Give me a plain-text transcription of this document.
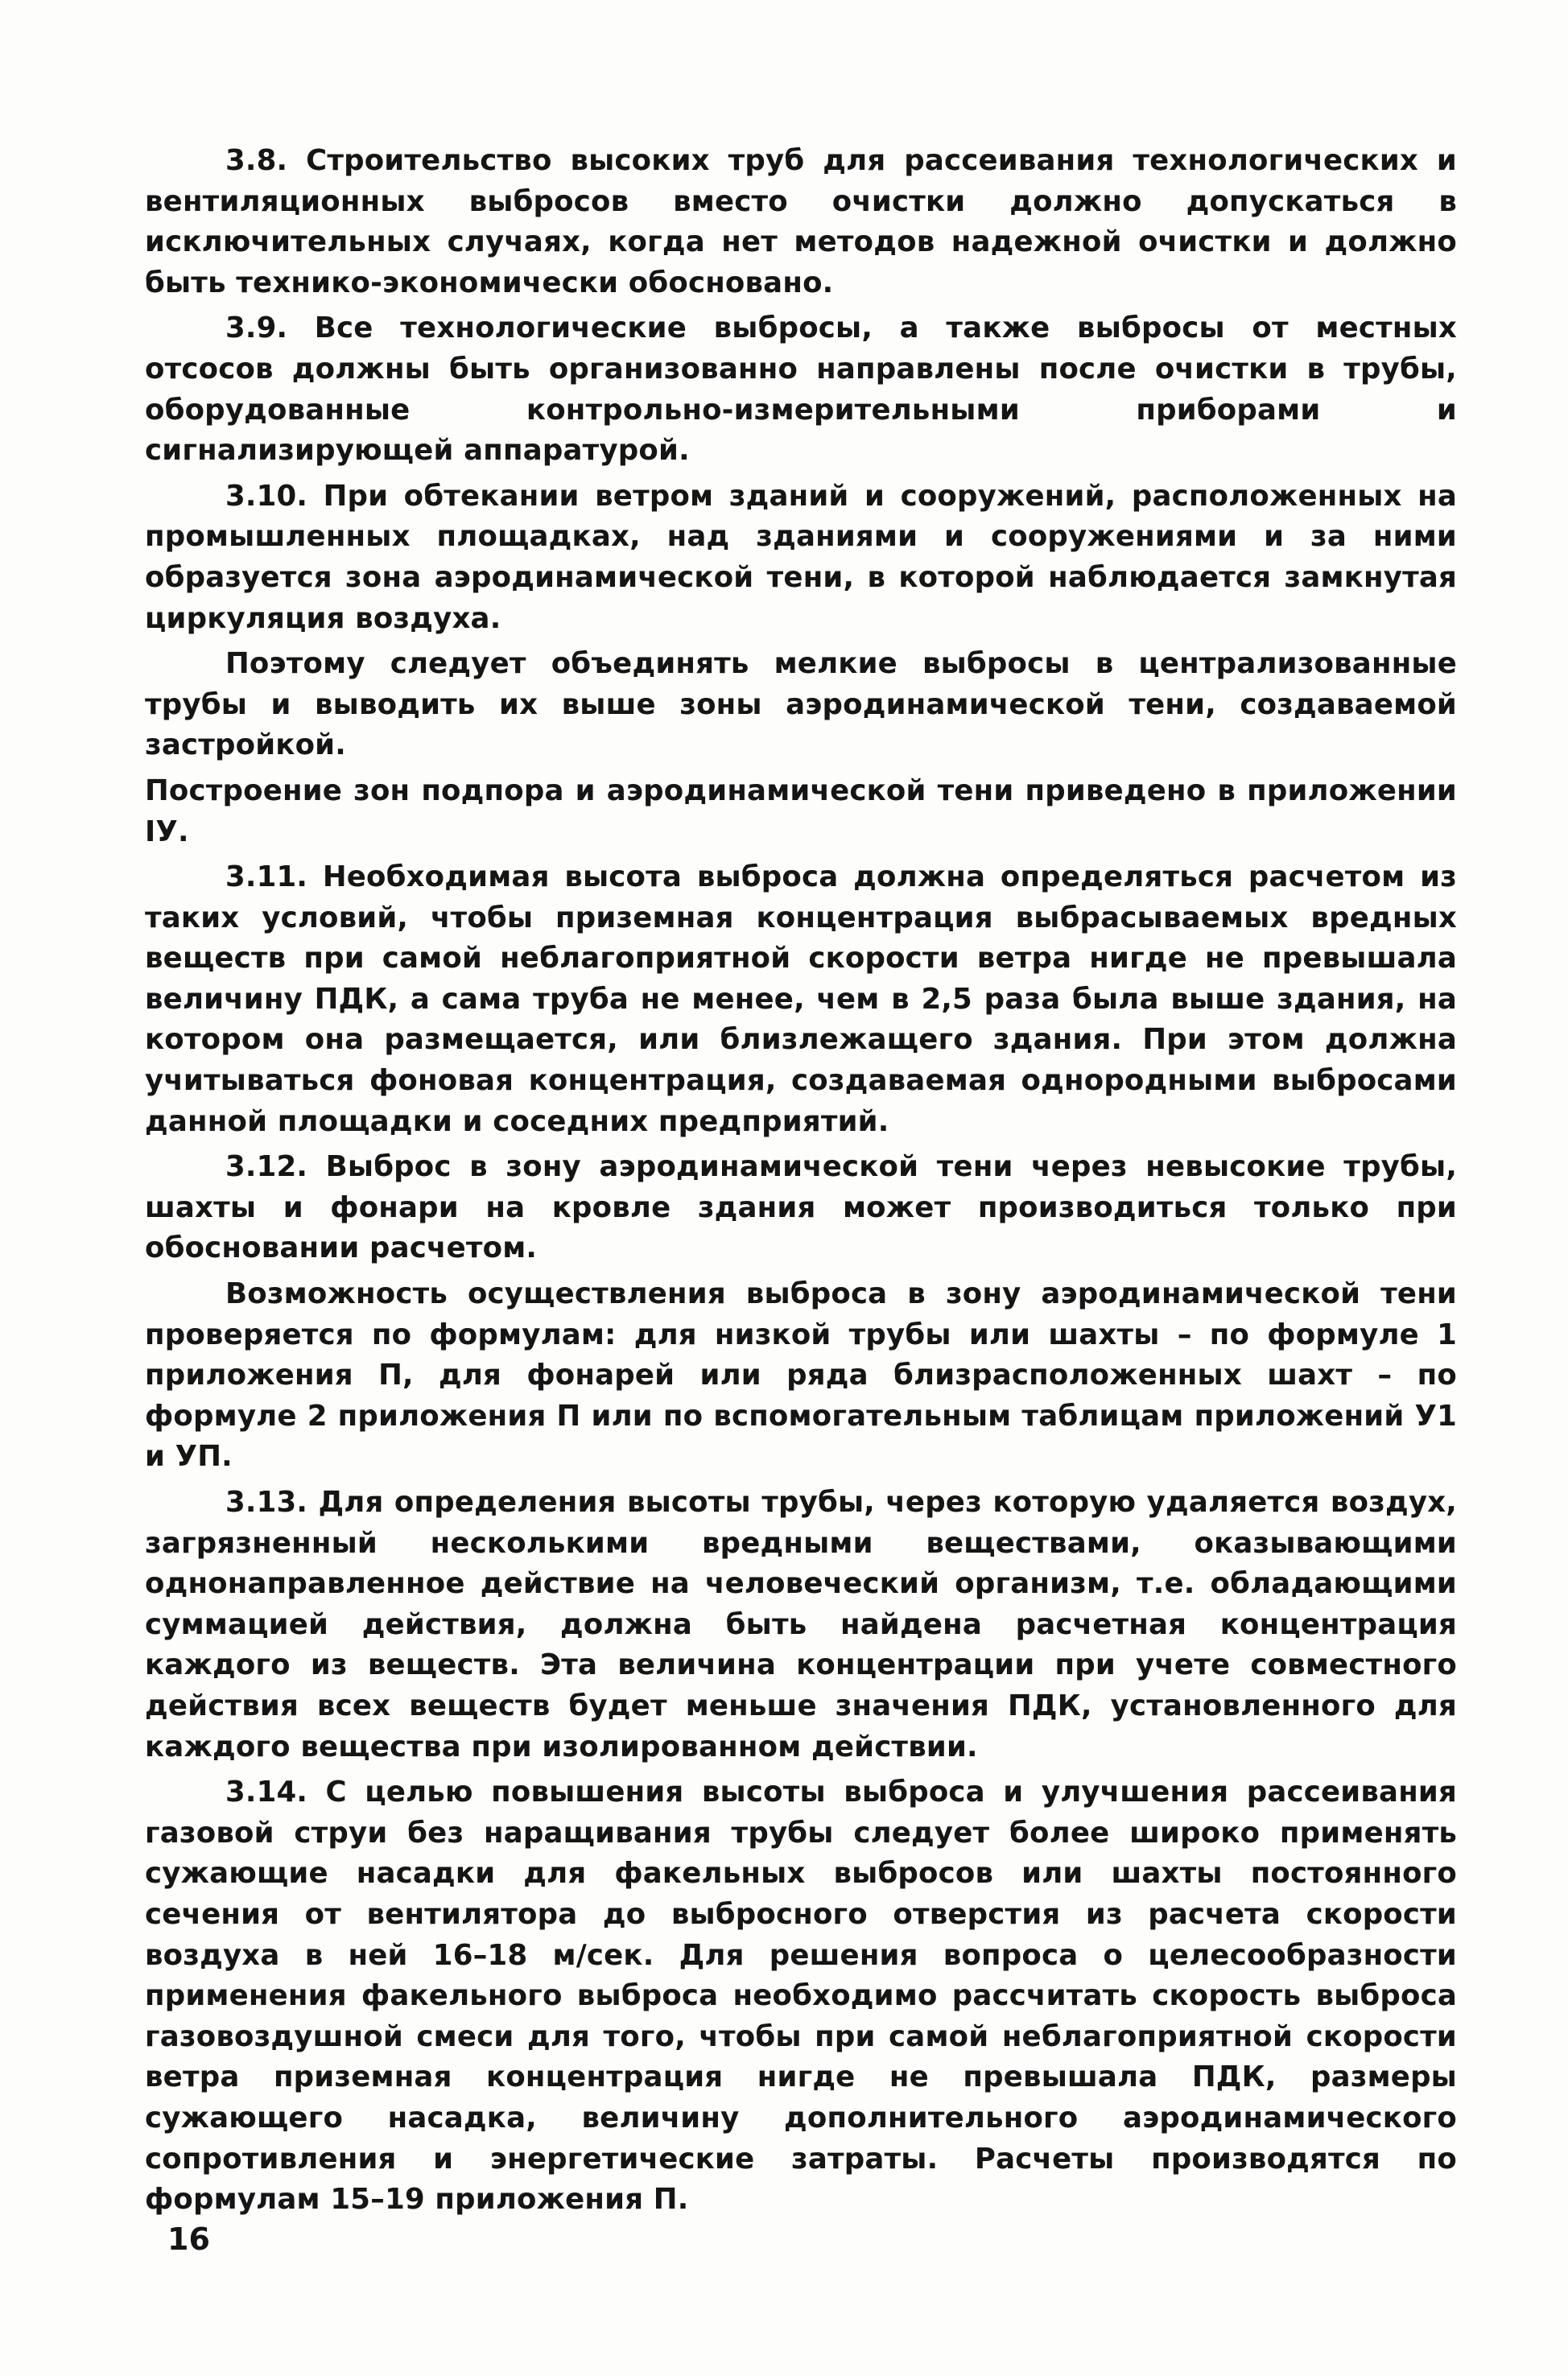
3.8. Строительство высоких труб для рассеивания технологических и вентиляционных выбросов вместо очистки должно допускаться в исключительных случаях, когда нет методов надежной очистки и должно быть технико-экономически обосновано.

3.9. Все технологические выбросы, а также выбросы от местных отсосов должны быть организованно направлены после очистки в трубы, оборудованные контрольно-измерительными приборами и сигнализирующей аппаратурой.

3.10. При обтекании ветром зданий и сооружений, расположенных на промышленных площадках, над зданиями и сооружениями и за ними образуется зона аэродинамической тени, в которой наблюдается замкнутая циркуляция воздуха.

Поэтому следует объединять мелкие выбросы в централизованные трубы и выводить их выше зоны аэродинамической тени, создаваемой застройкой.

Построение зон подпора и аэродинамической тени приведено в приложении IУ.

3.11. Необходимая высота выброса должна определяться расчетом из таких условий, чтобы приземная концентрация выбрасываемых вредных веществ при самой неблагоприятной скорости ветра нигде не превышала величину ПДК, а сама труба не менее, чем в 2,5 раза была выше здания, на котором она размещается, или близлежащего здания. При этом должна учитываться фоновая концентрация, создаваемая однородными выбросами данной площадки и соседних предприятий.

3.12. Выброс в зону аэродинамической тени через невысокие трубы, шахты и фонари на кровле здания может производиться только при обосновании расчетом.

Возможность осуществления выброса в зону аэродинамической тени проверяется по формулам: для низкой трубы или шахты – по формуле 1 приложения П, для фонарей или ряда близрасположенных шахт – по формуле 2 приложения П или по вспомогательным таблицам приложений У1 и УП.

3.13. Для определения высоты трубы, через которую удаляется воздух, загрязненный несколькими вредными веществами, оказывающими однонаправленное действие на человеческий организм, т.е. обладающими суммацией действия, должна быть найдена расчетная концентрация каждого из веществ. Эта величина концентрации при учете совместного действия всех веществ будет меньше значения ПДК, установленного для каждого вещества при изолированном действии.

3.14. С целью повышения высоты выброса и улучшения рассеивания газовой струи без наращивания трубы следует более широко применять сужающие насадки для факельных выбросов или шахты постоянного сечения от вентилятора до выбросного отверстия из расчета скорости воздуха в ней 16–18 м/сек. Для решения вопроса о целесообразности применения факельного выброса необходимо рассчитать скорость выброса газовоздушной смеси для того, чтобы при самой неблагоприятной скорости ветра приземная концентрация нигде не превышала ПДК, размеры сужающего насадка, величину дополнительного аэродинамического сопротивления и энергетические затраты. Расчеты производятся по формулам 15–19 приложения П.

16
